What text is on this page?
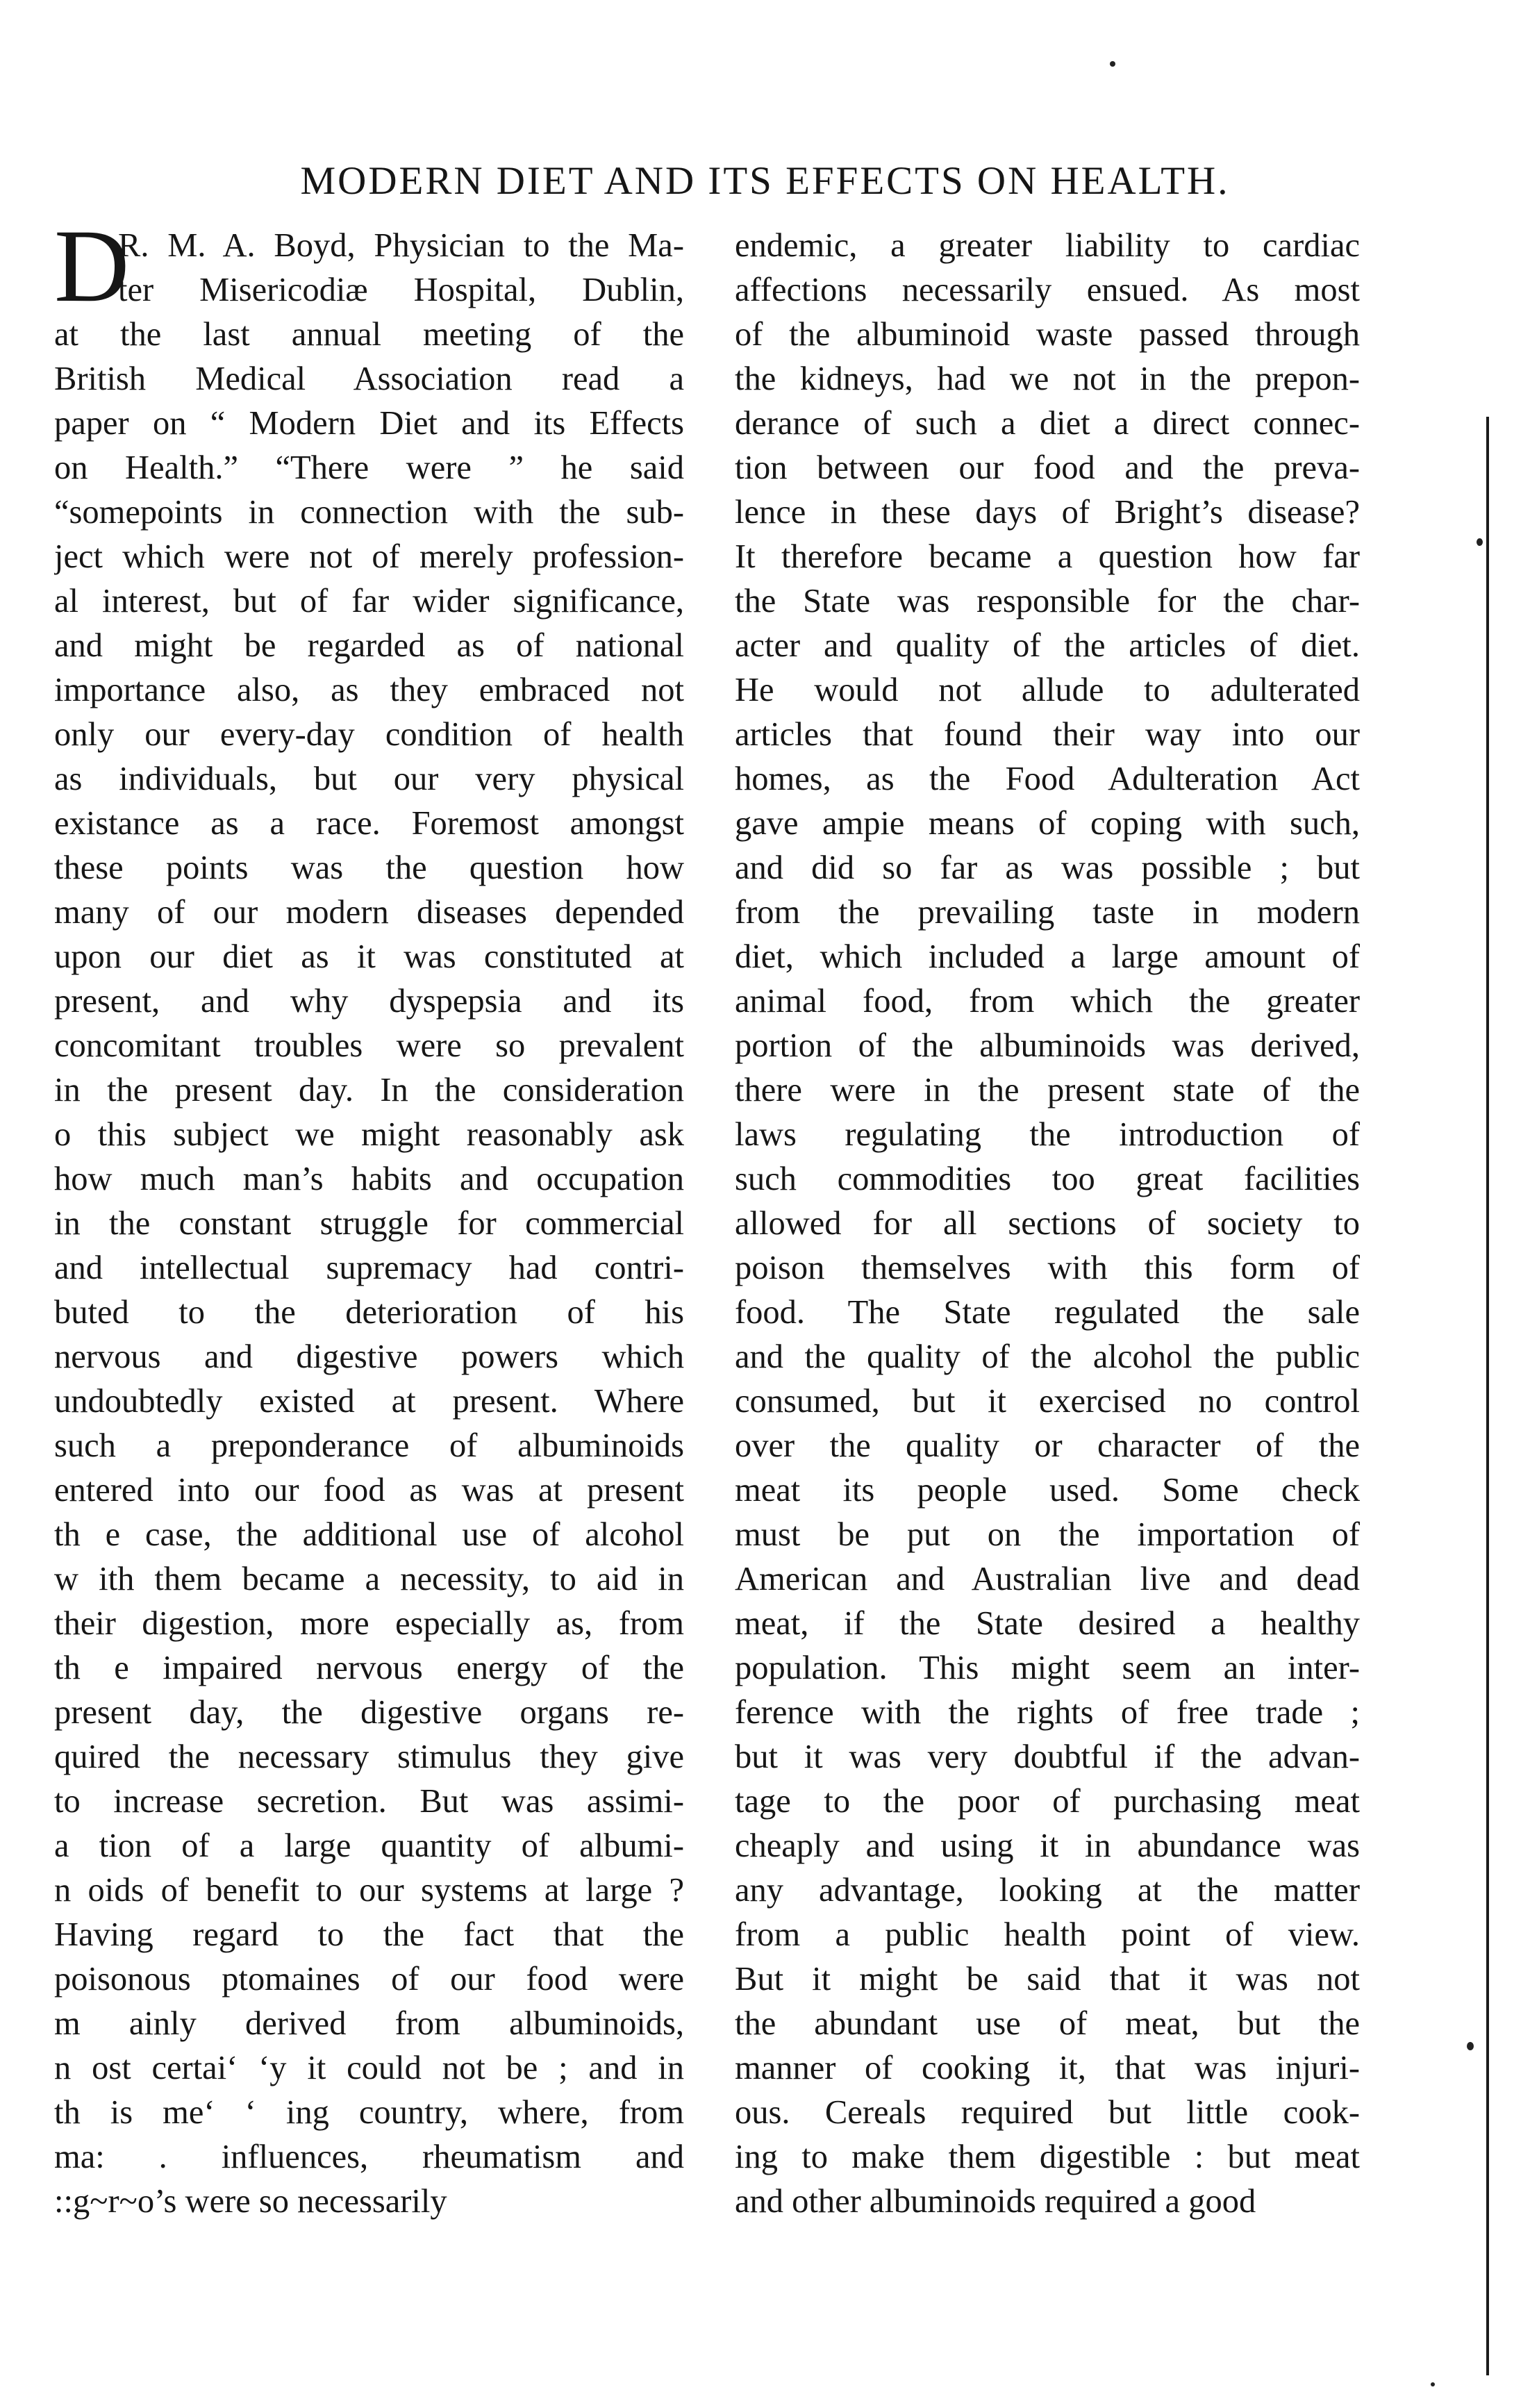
MODERN DIET AND ITS EFFECTS ON HEALTH.
D
R. M. A. Boyd, Physician to the Ma-
ter Misericodiæ Hospital, Dublin,
at the last annual meeting of the
British Medical Association read a
paper on “ Modern Diet and its Effects
on Health.” “There were ” he said
“somepoints in connection with the sub-
ject which were not of merely profession-
al interest, but of far wider significance,
and might be regarded as of national
importance also, as they embraced not
only our every-day condition of health
as individuals, but our very physical
existance as a race. Foremost amongst
these points was the question how
many of our modern diseases depended
upon our diet as it was constituted at
present, and why dyspepsia and its
concomitant troubles were so prevalent
in the present day. In the consideration
o this subject we might reasonably ask
how much man’s habits and occupation
in the constant struggle for commercial
and intellectual supremacy had contri-
buted to the deterioration of his
nervous and digestive powers which
undoubtedly existed at present. Where
such a preponderance of albuminoids
entered into our food as was at present
th e case, the additional use of alcohol
w ith them became a necessity, to aid in
their digestion, more especially as, from
th e impaired nervous energy of the
present day, the digestive organs re-
quired the necessary stimulus they give
to increase secretion. But was assimi-
a tion of a large quantity of albumi-
n oids of benefit to our systems at large ?
Having regard to the fact that the
poisonous ptomaines of our food were
m ainly derived from albuminoids,
n ost certai‘ ‘y it could not be ; and in
th is me‘ ‘ ing country, where, from
ma: . influences, rheumatism and
::g~r~o’s were so necessarily
endemic, a greater liability to cardiac
affections necessarily ensued. As most
of the albuminoid waste passed through
the kidneys, had we not in the prepon-
derance of such a diet a direct connec-
tion between our food and the preva-
lence in these days of Bright’s disease?
It therefore became a question how far
the State was responsible for the char-
acter and quality of the articles of diet.
He would not allude to adulterated
articles that found their way into our
homes, as the Food Adulteration Act
gave ampie means of coping with such,
and did so far as was possible ; but
from the prevailing taste in modern
diet, which included a large amount of
animal food, from which the greater
portion of the albuminoids was derived,
there were in the present state of the
laws regulating the introduction of
such commodities too great facilities
allowed for all sections of society to
poison themselves with this form of
food. The State regulated the sale
and the quality of the alcohol the public
consumed, but it exercised no control
over the quality or character of the
meat its people used. Some check
must be put on the importation of
American and Australian live and dead
meat, if the State desired a healthy
population. This might seem an inter-
ference with the rights of free trade ;
but it was very doubtful if the advan-
tage to the poor of purchasing meat
cheaply and using it in abundance was
any advantage, looking at the matter
from a public health point of view.
But it might be said that it was not
the abundant use of meat, but the
manner of cooking it, that was injuri-
ous. Cereals required but little cook-
ing to make them digestible : but meat
and other albuminoids required a good
